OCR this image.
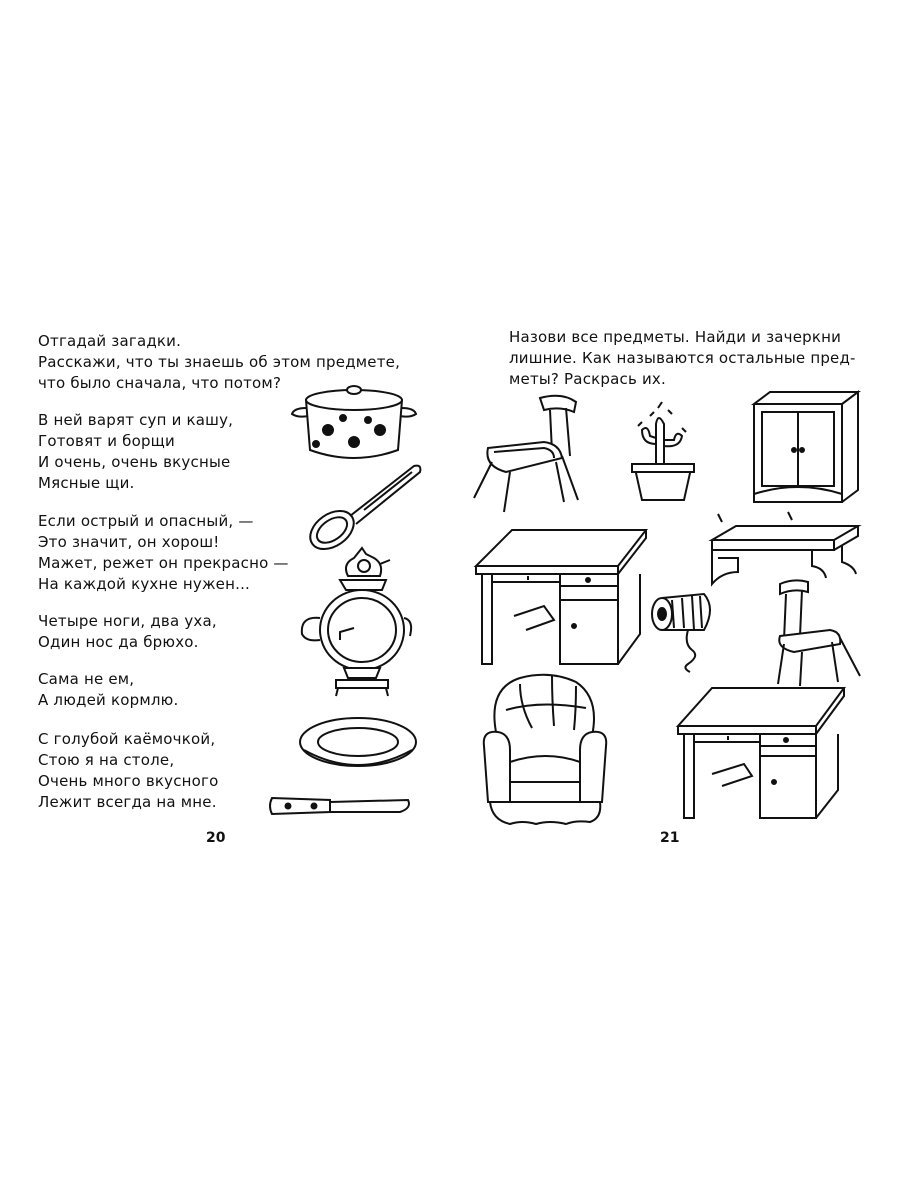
Отгадай загадки.
Расскажи, что ты знаешь об этом предмете,
что было сначала, что потом?
В ней варят суп и кашу,
Готовят и борщи
И очень, очень вкусные
Мясные щи.
Если острый и опасный, —
Это значит, он хорош!
Мажет, режет он прекрасно —
На каждой кухне нужен...
Четыре ноги, два уха,
Один нос да брюхо.
Сама не ем,
А людей кормлю.
С голубой каёмочкой,
Стою я на столе,
Очень много вкусного
Лежит всегда на мне.
20
Назови все предметы. Найди и зачеркни
лишние. Как называются остальные пред-
меты? Раскрась их.
21
